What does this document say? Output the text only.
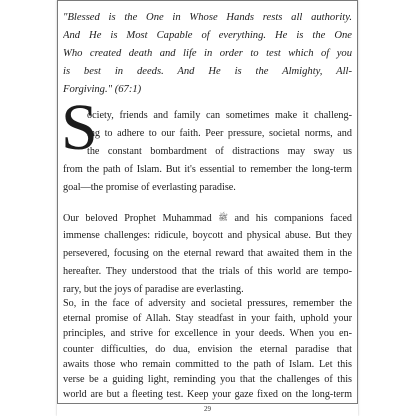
"Blessed is the One in Whose Hands rests all authority.
And He is Most Capable of everything. He is the One
Who created death and life in order to test which of you
is best in deeds. And He is the Almighty, All-
Forgiving." (67:1)
S
ociety, friends and family can sometimes make it challeng-
ing to adhere to our faith. Peer pressure, societal norms, and
the constant bombardment of distractions may sway us
from the path of Islam. But it's essential to remember the long-term
goal—the promise of everlasting paradise.
Our beloved Prophet Muhammad ﷺ and his companions faced
immense challenges: ridicule, boycott and physical abuse. But they
persevered, focusing on the eternal reward that awaited them in the
hereafter. They understood that the trials of this world are tempo-
rary, but the joys of paradise are everlasting.
So, in the face of adversity and societal pressures, remember the
eternal promise of Allah. Stay steadfast in your faith, uphold your
principles, and strive for excellence in your deeds. When you en-
counter difficulties, do dua, envision the eternal paradise that
awaits those who remain committed to the path of Islam. Let this
29
verse be a guiding light, reminding you that the challenges of this
world are but a fleeting test. Keep your gaze fixed on the long-term
